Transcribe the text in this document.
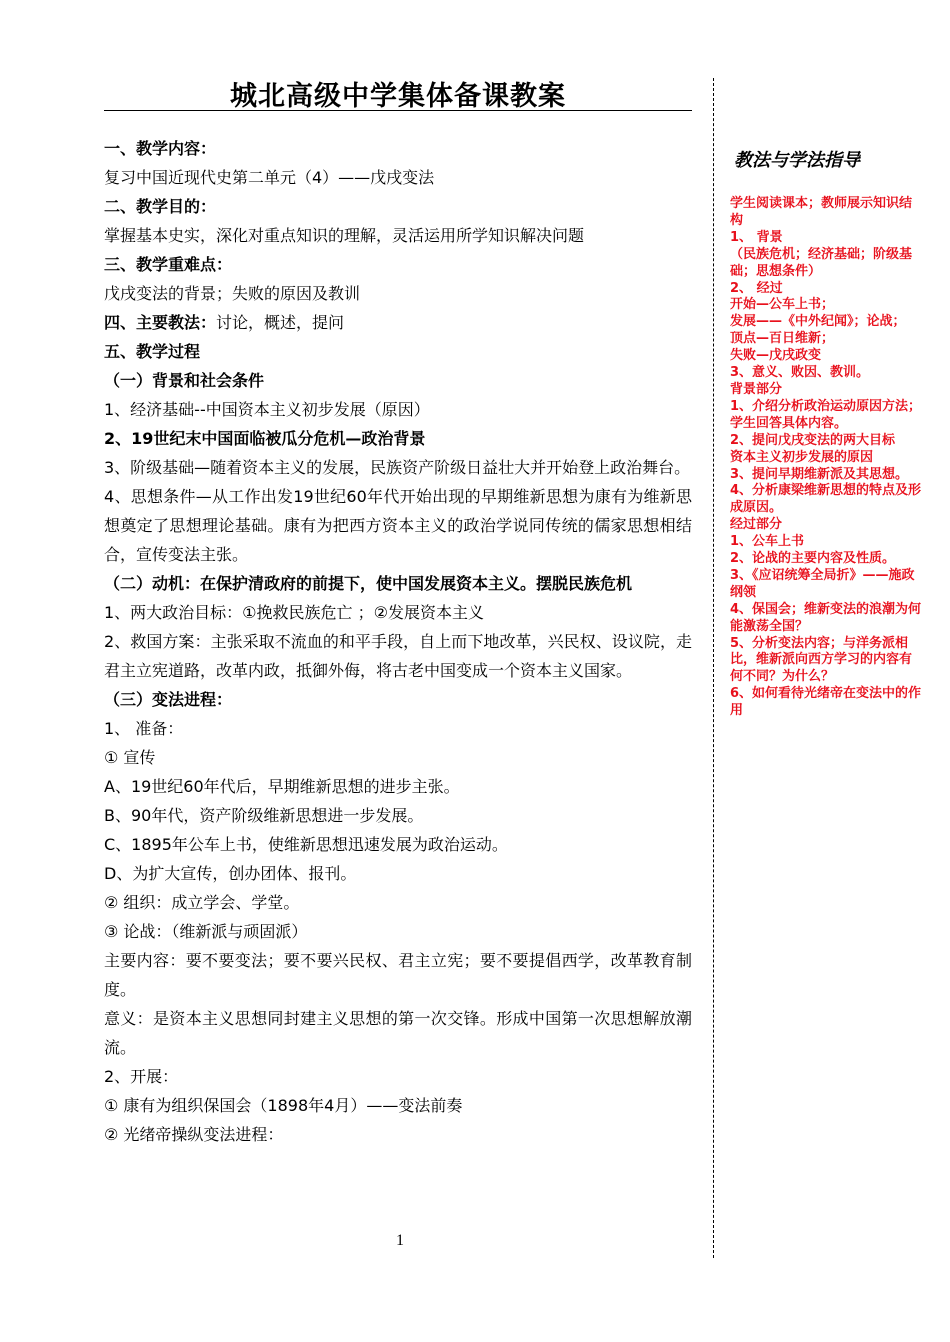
城北高级中学集体备课教案

一、教学内容：

复习中国近现代史第二单元（4）——戊戌变法

二、教学目的：

掌握基本史实，深化对重点知识的理解，灵活运用所学知识解决问题

三、教学重难点：

戊戌变法的背景；失败的原因及教训

四、主要教法：讨论，概述，提问

五、教学过程

（一）背景和社会条件

1、经济基础--中国资本主义初步发展（原因）

2、19世纪末中国面临被瓜分危机—政治背景

3、阶级基础—随着资本主义的发展，民族资产阶级日益壮大并开始登上政治舞台。

4、思想条件—从工作出发19世纪60年代开始出现的早期维新思想为康有为维新思想奠定了思想理论基础。康有为把西方资本主义的政治学说同传统的儒家思想相结合，宣传变法主张。

（二）动机：在保护清政府的前提下，使中国发展资本主义。摆脱民族危机

1、两大政治目标：①挽救民族危亡 ；②发展资本主义

2、救国方案：主张采取不流血的和平手段，自上而下地改革，兴民权、设议院，走君主立宪道路，改革内政，抵御外侮，将古老中国变成一个资本主义国家。

（三）变法进程：

1、 准备：

① 宣传

A、19世纪60年代后，早期维新思想的进步主张。

B、90年代，资产阶级维新思想进一步发展。

C、1895年公车上书，使维新思想迅速发展为政治运动。

D、为扩大宣传，创办团体、报刊。

② 组织：成立学会、学堂。

③ 论战：（维新派与顽固派）

主要内容：要不要变法；要不要兴民权、君主立宪；要不要提倡西学，改革教育制度。

意义：是资本主义思想同封建主义思想的第一次交锋。形成中国第一次思想解放潮流。

2、开展：

① 康有为组织保国会（1898年4月）——变法前奏

② 光绪帝操纵变法进程：

教法与学法指导

学生阅读课本；教师展示知识结构

1、 背景

（民族危机；经济基础；阶级基础；思想条件）

2、 经过

开始—公车上书；

发展——《中外纪闻》；论战；

顶点—百日维新；

失败—戊戌政变

3、意义、败因、教训。

背景部分

1、介绍分析政治运动原因方法；学生回答具体内容。

2、提问戊戌变法的两大目标

资本主义初步发展的原因

3、提问早期维新派及其思想。

4、分析康梁维新思想的特点及形成原因。

经过部分

1、公车上书

2、论战的主要内容及性质。

3、《应诏统筹全局折》——施政纲领

4、保国会；维新变法的浪潮为何能激荡全国？

5、分析变法内容；与洋务派相比，维新派向西方学习的内容有何不同？为什么？

6、如何看待光绪帝在变法中的作用

1
